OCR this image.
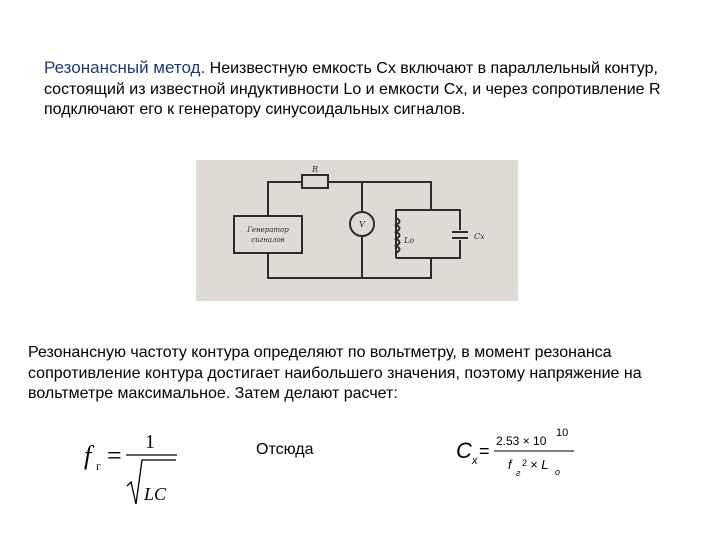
Резонансный метод. Неизвестную емкость Cx включают в параллельный контур, состоящий из известной индуктивности Lo и емкости Cx, и через сопротивление R подключают его к генератору синусоидальных сигналов.

R
Генератор
сигналов
V
Lo	Cx

Резонансную частоту контура определяют по вольтметру, в момент резонанса сопротивление контура достигает наибольшего значения, поэтому напряжение на вольтметре максимальное. Затем делают расчет:

f г = 1
LC
Отсюда	C x = 2.53 × 10
10
f
г
2 × L o
